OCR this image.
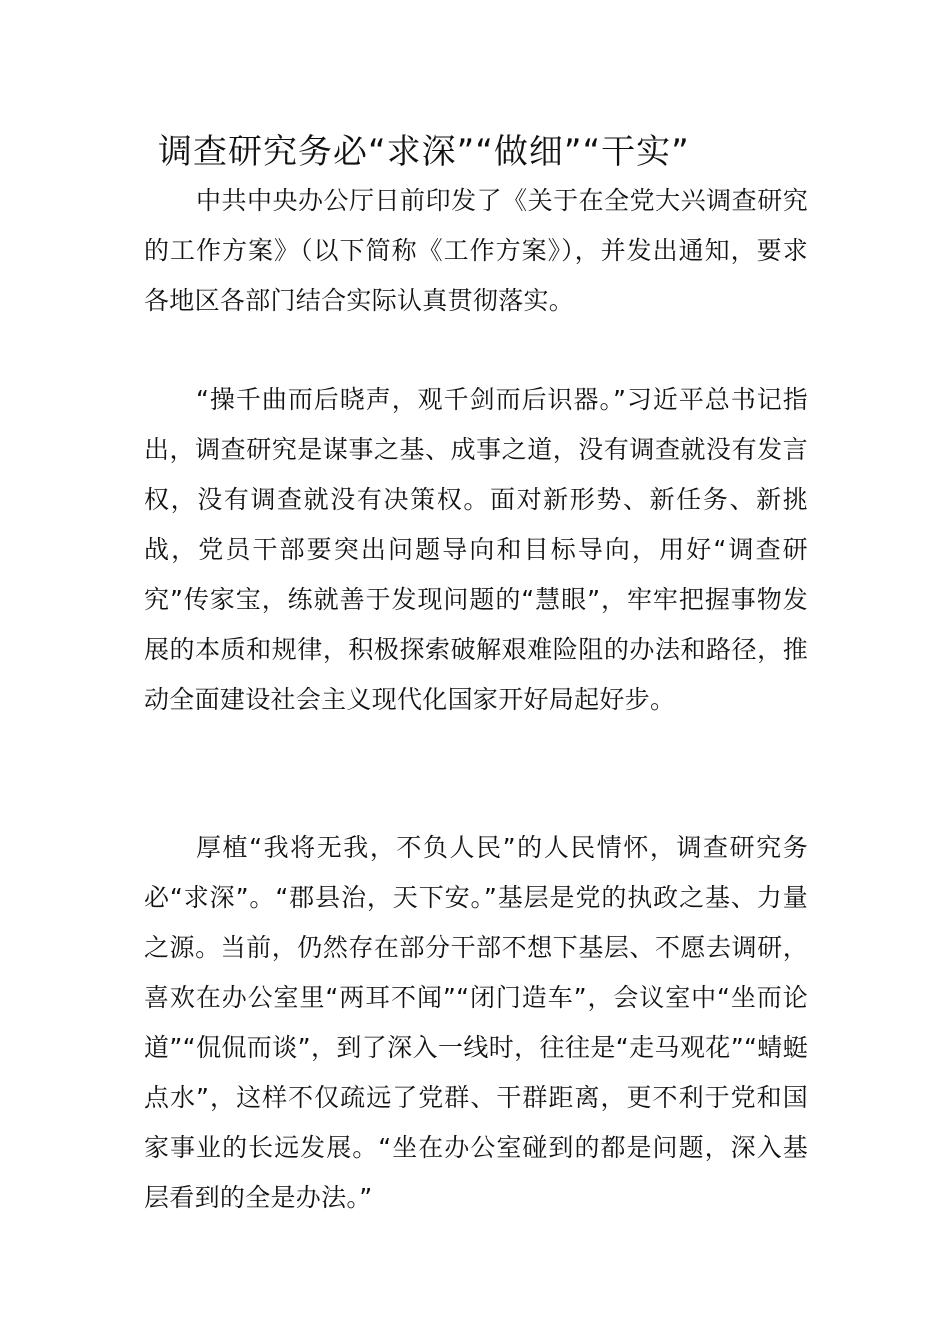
调查研究务必“求深”“做细”“干实”

中共中央办公厅日前印发了《关于在全党大兴调查研究的工作方案》（以下简称《工作方案》），并发出通知，要求各地区各部门结合实际认真贯彻落实。

“操千曲而后晓声，观千剑而后识器。”习近平总书记指出，调查研究是谋事之基、成事之道，没有调查就没有发言权，没有调查就没有决策权。面对新形势、新任务、新挑战，党员干部要突出问题导向和目标导向，用好“调查研究”传家宝，练就善于发现问题的“慧眼”，牢牢把握事物发展的本质和规律，积极探索破解艰难险阻的办法和路径，推动全面建设社会主义现代化国家开好局起好步。

厚植“我将无我，不负人民”的人民情怀，调查研究务必“求深”。“郡县治，天下安。”基层是党的执政之基、力量之源。当前，仍然存在部分干部不想下基层、不愿去调研，喜欢在办公室里“两耳不闻”“闭门造车”，会议室中“坐而论道”“侃侃而谈”，到了深入一线时，往往是“走马观花”“蜻蜓点水”，这样不仅疏远了党群、干群距离，更不利于党和国家事业的长远发展。“坐在办公室碰到的都是问题，深入基层看到的全是办法。”
